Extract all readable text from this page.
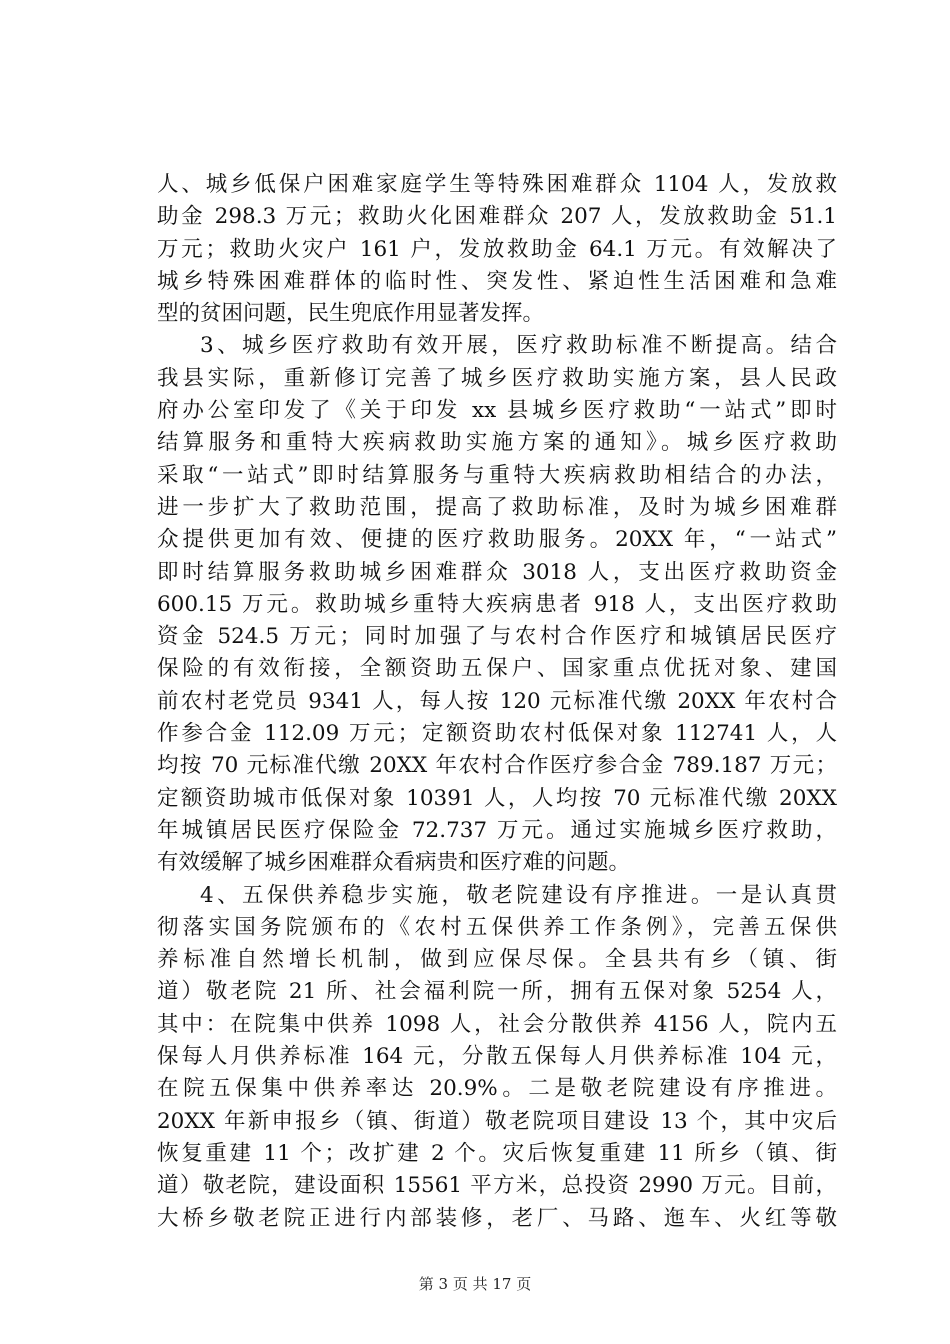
人、城乡低保户困难家庭学生等特殊困难群众 1104 人，发放救
助金 298.3 万元；救助火化困难群众 207 人，发放救助金 51.1
万元；救助火灾户 161 户，发放救助金 64.1 万元。有效解决了
城乡特殊困难群体的临时性、突发性、紧迫性生活困难和急难
型的贫困问题，民生兜底作用显著发挥。
3、城乡医疗救助有效开展，医疗救助标准不断提高。结合
我县实际，重新修订完善了城乡医疗救助实施方案，县人民政
府办公室印发了《关于印发 xx 县城乡医疗救助“一站式”即时
结算服务和重特大疾病救助实施方案的通知》。城乡医疗救助
采取“一站式”即时结算服务与重特大疾病救助相结合的办法，
进一步扩大了救助范围，提高了救助标准，及时为城乡困难群
众提供更加有效、便捷的医疗救助服务。20XX 年，“一站式”
即时结算服务救助城乡困难群众 3018 人，支出医疗救助资金
600.15 万元。救助城乡重特大疾病患者 918 人，支出医疗救助
资金 524.5 万元；同时加强了与农村合作医疗和城镇居民医疗
保险的有效衔接，全额资助五保户、国家重点优抚对象、建国
前农村老党员 9341 人，每人按 120 元标准代缴 20XX 年农村合
作参合金 112.09 万元；定额资助农村低保对象 112741 人，人
均按 70 元标准代缴 20XX 年农村合作医疗参合金 789.187 万元；
定额资助城市低保对象 10391 人，人均按 70 元标准代缴 20XX
年城镇居民医疗保险金 72.737 万元。通过实施城乡医疗救助，
有效缓解了城乡困难群众看病贵和医疗难的问题。
4、五保供养稳步实施，敬老院建设有序推进。一是认真贯
彻落实国务院颁布的《农村五保供养工作条例》，完善五保供
养标准自然增长机制，做到应保尽保。全县共有乡（镇、街
道）敬老院 21 所、社会福利院一所，拥有五保对象 5254 人，
其中：在院集中供养 1098 人，社会分散供养 4156 人，院内五
保每人月供养标准 164 元，分散五保每人月供养标准 104 元，
在院五保集中供养率达 20.9%。二是敬老院建设有序推进。
20XX 年新申报乡（镇、街道）敬老院项目建设 13 个，其中灾后
恢复重建 11 个；改扩建 2 个。灾后恢复重建 11 所乡（镇、街
道）敬老院，建设面积 15561 平方米，总投资 2990 万元。目前，
大桥乡敬老院正进行内部装修，老厂、马路、迤车、火红等敬
第 3 页 共 17 页
